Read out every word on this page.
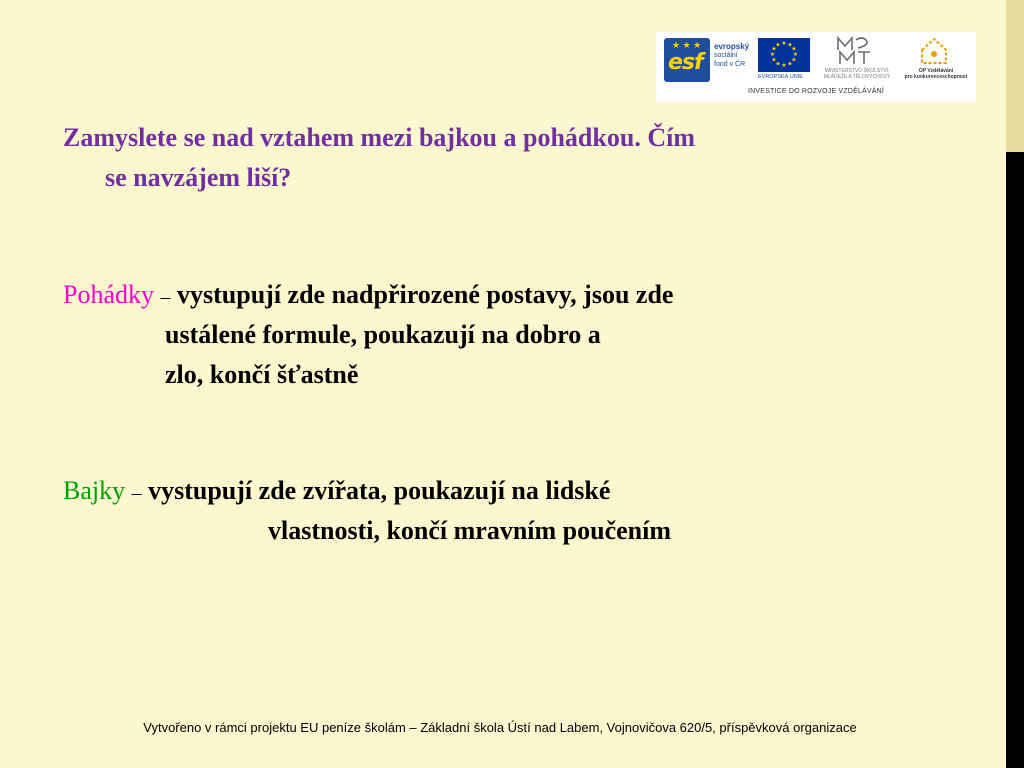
★ ★ ★
esf
evropský
sociální
fond v ČR
★ ★
★
★
★
★
★
★
★
★
★
★
EVROPSKÁ UNIE
MINISTERSTVO ŠKOLSTVÍ,
MLÁDEŽE A TĚLOVÝCHOVY
OP Vzdělávání
pro konkurenceschopnost
INVESTICE DO ROZVOJE VZDĚLÁVÁNÍ
Zamyslete se nad vztahem mezi bajkou a pohádkou. Čím
se navzájem liší?
Pohádky – vystupují zde nadpřirozené postavy, jsou zde
ustálené formule, poukazují na dobro a
zlo, končí šťastně
Bajky – vystupují zde zvířata, poukazují na lidské
vlastnosti, končí mravním poučením
Vytvořeno v rámci projektu EU peníze školám – Základní škola Ústí nad Labem, Vojnovičova 620/5, příspěvková organizace
